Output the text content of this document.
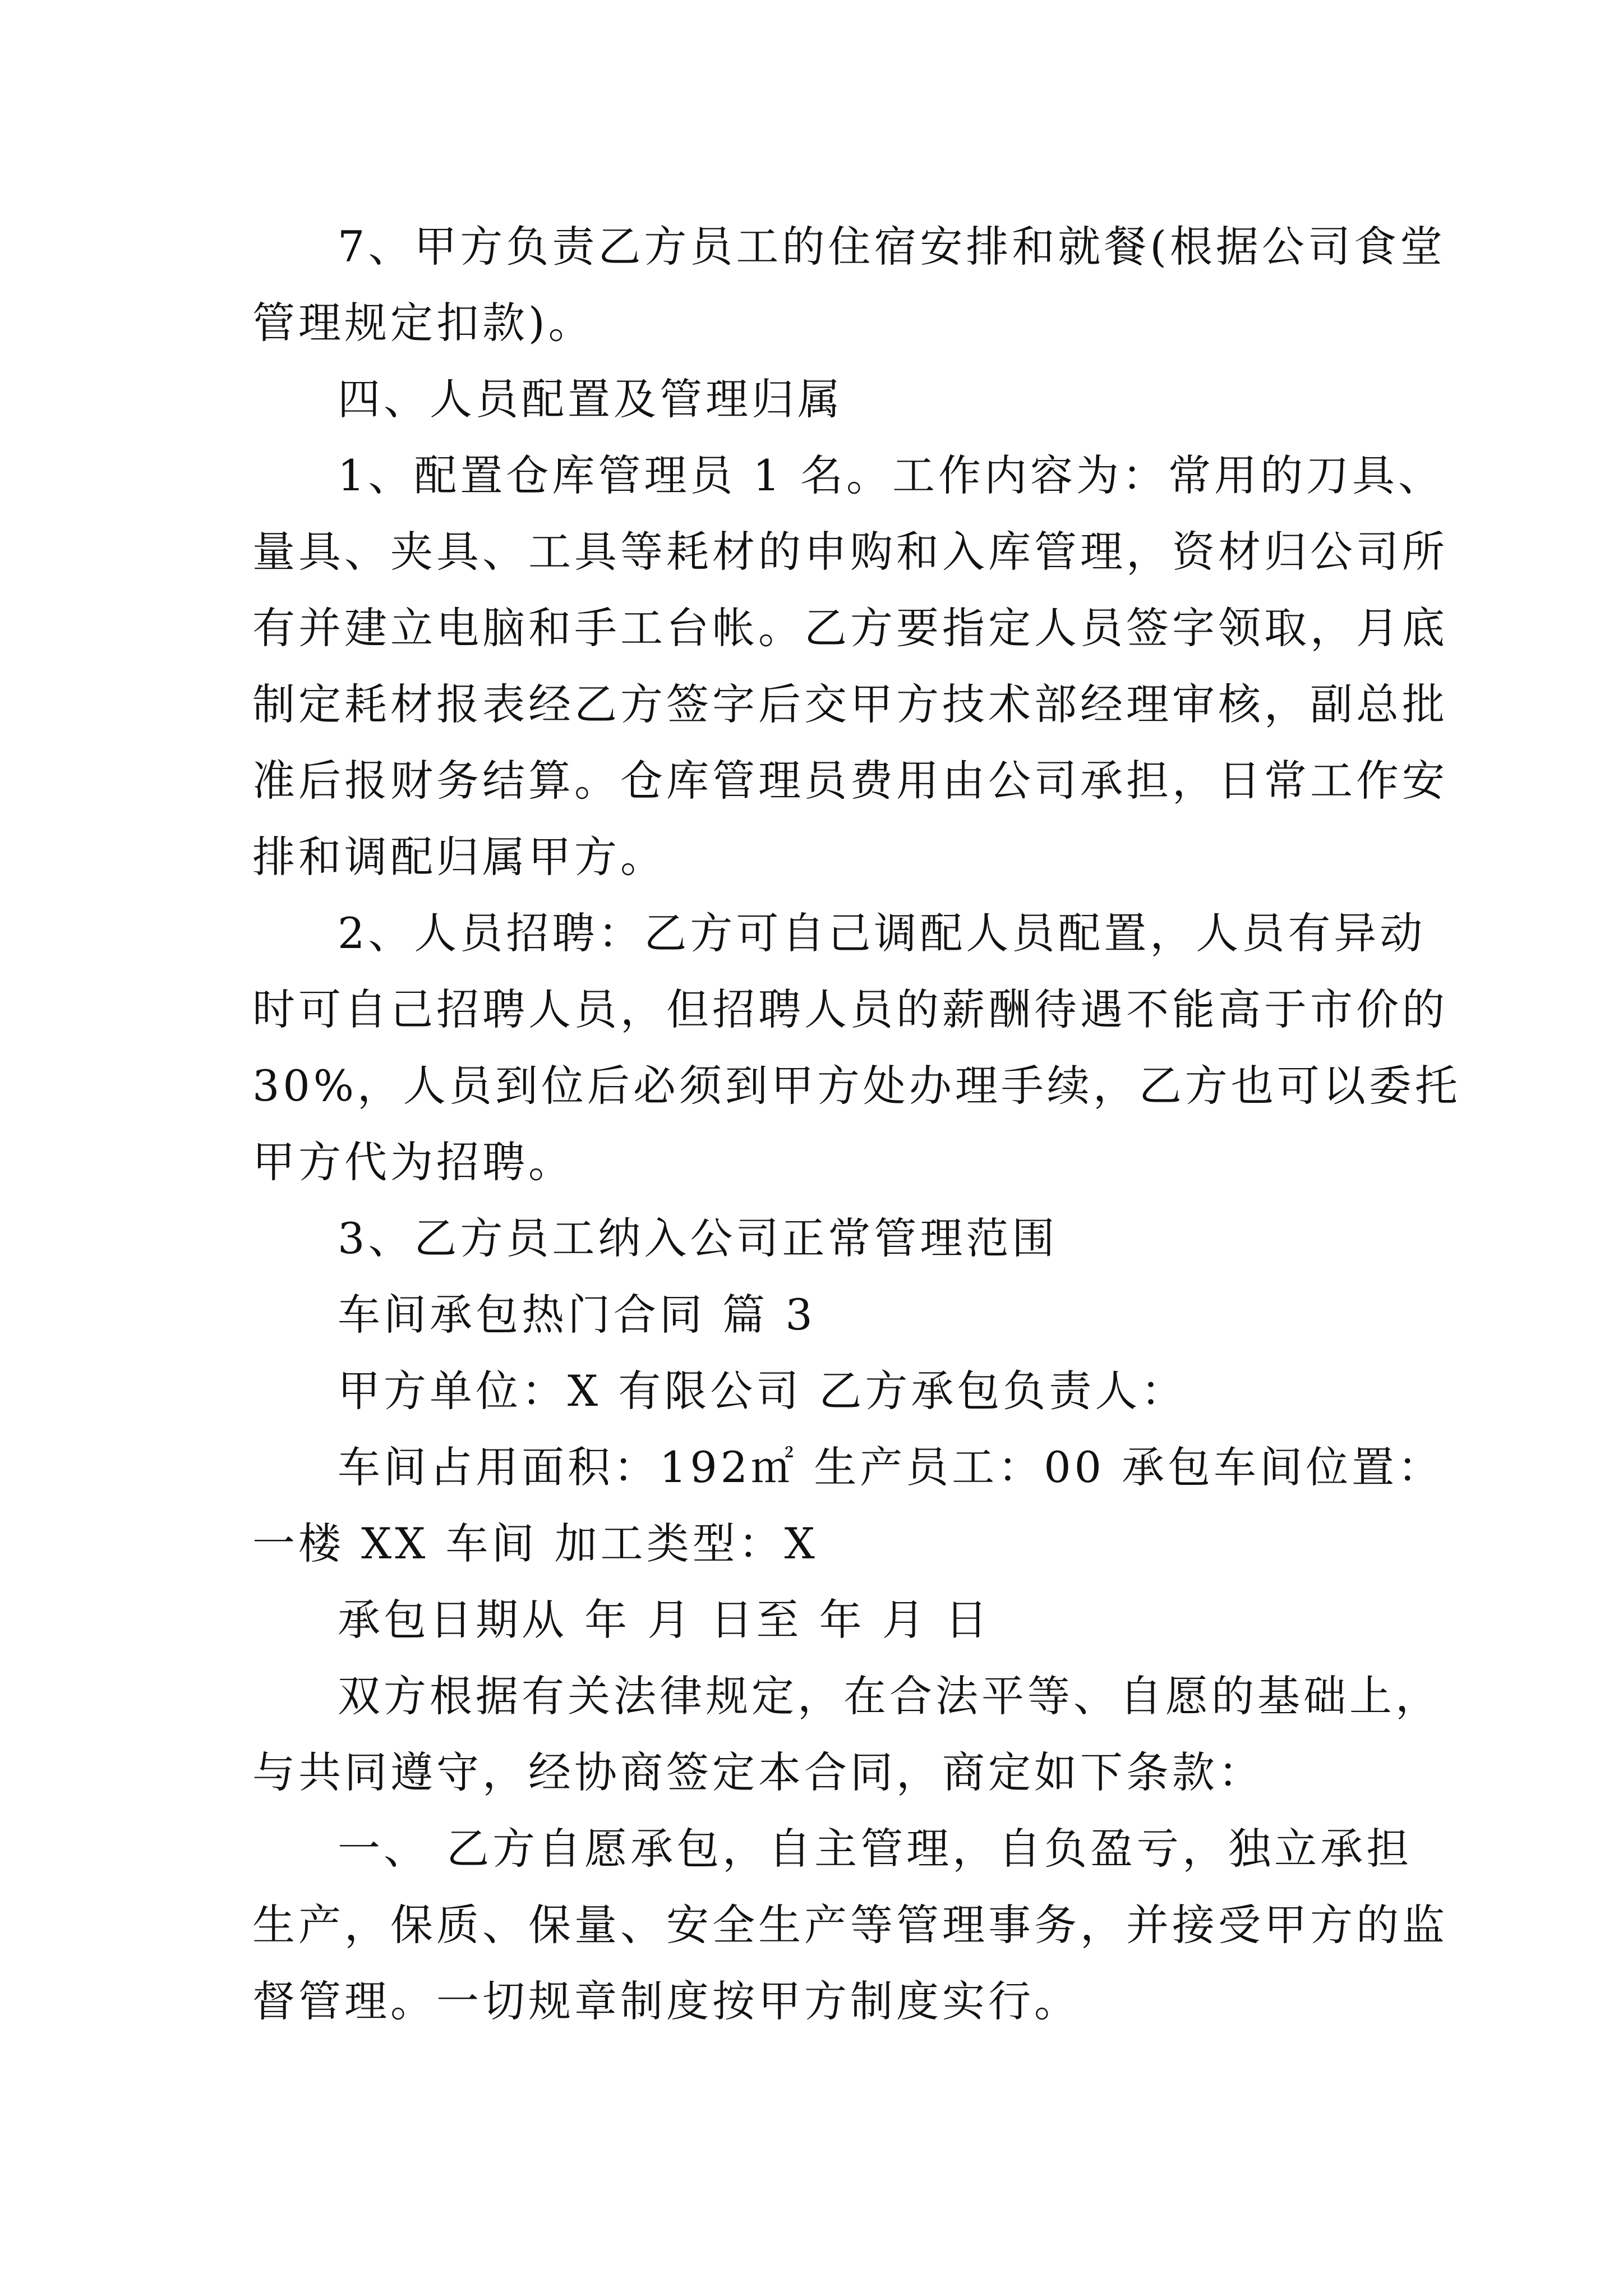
7、甲方负责乙方员工的住宿安排和就餐(根据公司食堂
管理规定扣款)。
四、人员配置及管理归属
1、配置仓库管理员 1 名。工作内容为：常用的刀具、
量具、夹具、工具等耗材的申购和入库管理，资材归公司所
有并建立电脑和手工台帐。乙方要指定人员签字领取，月底
制定耗材报表经乙方签字后交甲方技术部经理审核，副总批
准后报财务结算。仓库管理员费用由公司承担，日常工作安
排和调配归属甲方。
2、人员招聘：乙方可自己调配人员配置，人员有异动
时可自己招聘人员，但招聘人员的薪酬待遇不能高于市价的
30%，人员到位后必须到甲方处办理手续，乙方也可以委托
甲方代为招聘。
3、乙方员工纳入公司正常管理范围
车间承包热门合同 篇 3
甲方单位：X 有限公司 乙方承包负责人：
车间占用面积：192㎡ 生产员工：00 承包车间位置：
一楼 XX 车间 加工类型：X
承包日期从 年 月 日至 年 月 日
双方根据有关法律规定，在合法平等、自愿的基础上，
与共同遵守，经协商签定本合同，商定如下条款：
一、 乙方自愿承包，自主管理，自负盈亏，独立承担
生产，保质、保量、安全生产等管理事务，并接受甲方的监
督管理。一切规章制度按甲方制度实行。
